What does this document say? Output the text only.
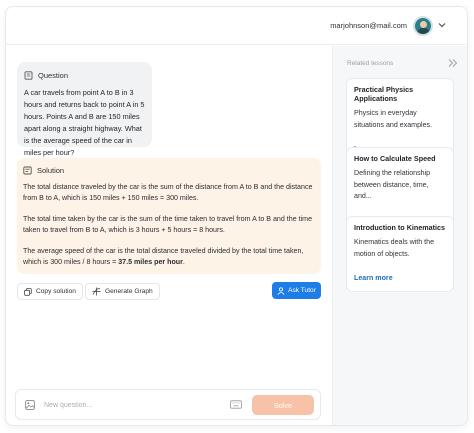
marjohnson@mail.com
Question
A car travels from point A to B in 3 hours and returns back to point A in 5 hours. Points A and B are 150 miles apart along a straight highway. What is the average speed of the car in miles per hour?
Solution

The total distance traveled by the car is the sum of the distance from A to B and the distance from B to A, which is 150 miles + 150 miles = 300 miles.

The total time taken by the car is the sum of the time taken to travel from A to B and the time taken to travel from B to A, which is 3 hours + 5 hours = 8 hours.

The average speed of the car is the total distance traveled divided by the total time taken, which is 300 miles / 8 hours = 37.5 miles per hour.

Copy solution	Generate Graph	Ask Tutor
New question...
Solve
Related lessons
Practical Physics Applications
Physics in everyday situations and examples.
How to Calculate Speed
Defining the relationship between distance, time, and...
Introduction to Kinematics
Kinematics deals with the motion of objects.
Learn more
